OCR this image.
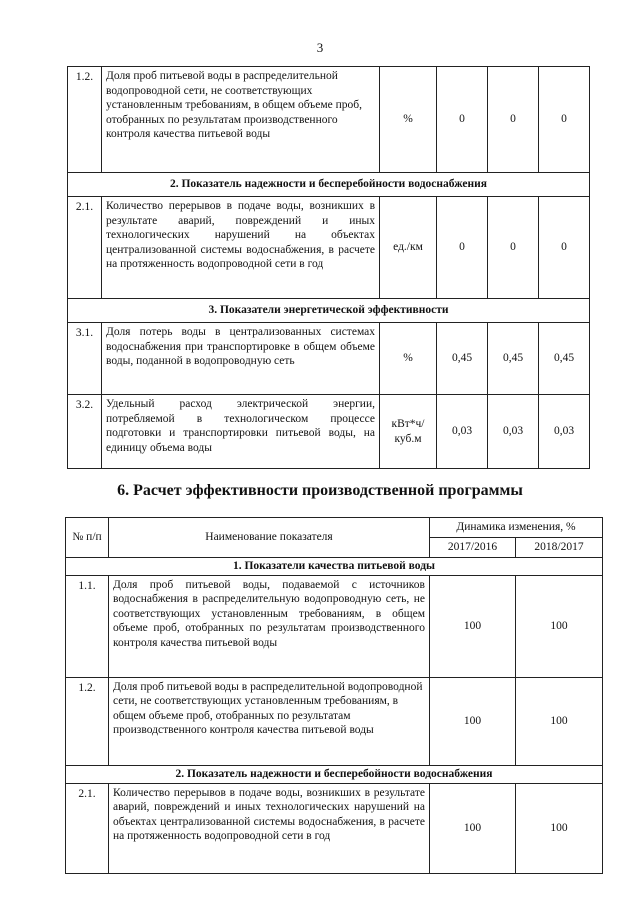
3
1.2.	Доля проб питьевой воды в распределительной водопроводной сети, не соответствующих установленным требованиям, в общем объеме проб, отобранных по результатам производственного контроля качества питьевой воды	%	0	0	0
2. Показатель надежности и бесперебойности водоснабжения					
2.1.	Количество перерывов в подаче воды, возникших в результате аварий, повреждений и иных технологических нарушений на объектах централизованной системы водоснабжения, в расчете на протяженность водопроводной сети в год	ед./км	0	0	0
3. Показатели энергетической эффективности					
3.1.	Доля потерь воды в централизованных системах водоснабжения при транспортировке в общем объеме воды, поданной в водопроводную сеть	%	0,45	0,45	0,45
3.2.	Удельный расход электрической энергии, потребляемой в технологическом процессе подготовки и транспортировки питьевой воды, на единицу объема воды	кВт*ч/ куб.м	0,03	0,03	0,03
6. Расчет эффективности производственной программы
№ п/п	Наименование показателя	Динамика изменения, %	
		2017/2016	2018/2017
1. Показатели качества питьевой воды			
1.1.	Доля проб питьевой воды, подаваемой с источников водоснабжения в распределительную водопроводную сеть, не соответствующих установленным требованиям, в общем объеме проб, отобранных по результатам производственного контроля качества питьевой воды	100	100
1.2.	Доля проб питьевой воды в распределительной водопроводной сети, не соответствующих установленным требованиям, в общем объеме проб, отобранных по результатам производственного контроля качества питьевой воды	100	100
2. Показатель надежности и бесперебойности водоснабжения			
2.1.	Количество перерывов в подаче воды, возникших в результате аварий, повреждений и иных технологических нарушений на объектах централизованной системы водоснабжения, в расчете на протяженность водопроводной сети в год	100	100
